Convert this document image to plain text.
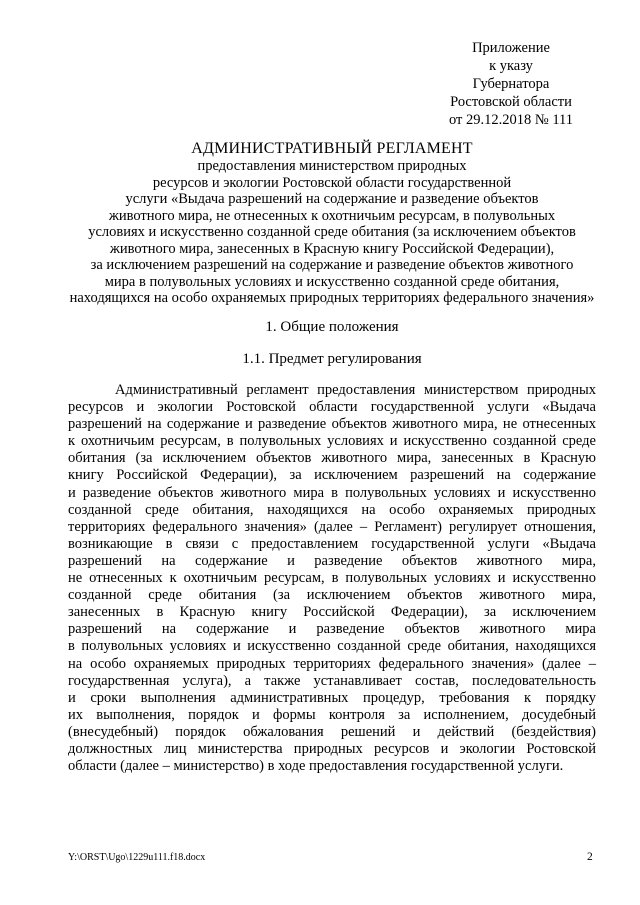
Приложение
к указу
Губернатора
Ростовской области
от 29.12.2018 № 111
АДМИНИСТРАТИВНЫЙ РЕГЛАМЕНТ
предоставления министерством природных
ресурсов и экологии Ростовской области государственной
услуги «Выдача разрешений на содержание и разведение объектов
животного мира, не отнесенных к охотничьим ресурсам, в полувольных
условиях и искусственно созданной среде обитания (за исключением объектов
животного мира, занесенных в Красную книгу Российской Федерации),
за исключением разрешений на содержание и разведение объектов животного
мира в полувольных условиях и искусственно созданной среде обитания,
находящихся на особо охраняемых природных территориях федерального значения»
1. Общие положения
1.1. Предмет регулирования
Административный регламент предоставления министерством природных
ресурсов и экологии Ростовской области государственной услуги «Выдача
разрешений на содержание и разведение объектов животного мира, не отнесенных
к охотничьим ресурсам, в полувольных условиях и искусственно созданной среде
обитания (за исключением объектов животного мира, занесенных в Красную
книгу Российской Федерации), за исключением разрешений на содержание
и разведение объектов животного мира в полувольных условиях и искусственно
созданной среде обитания, находящихся на особо охраняемых природных
территориях федерального значения» (далее – Регламент) регулирует отношения,
возникающие в связи с предоставлением государственной услуги «Выдача
разрешений на содержание и разведение объектов животного мира,
не отнесенных к охотничьим ресурсам, в полувольных условиях и искусственно
созданной среде обитания (за исключением объектов животного мира,
занесенных в Красную книгу Российской Федерации), за исключением
разрешений на содержание и разведение объектов животного мира
в полувольных условиях и искусственно созданной среде обитания, находящихся
на особо охраняемых природных территориях федерального значения» (далее –
государственная услуга), а также устанавливает состав, последовательность
и сроки выполнения административных процедур, требования к порядку
их выполнения, порядок и формы контроля за исполнением, досудебный
(внесудебный) порядок обжалования решений и действий (бездействия)
должностных лиц министерства природных ресурсов и экологии Ростовской
области (далее – министерство) в ходе предоставления государственной услуги.
Y:\ORST\Ugo\1229u111.f18.docx	2
